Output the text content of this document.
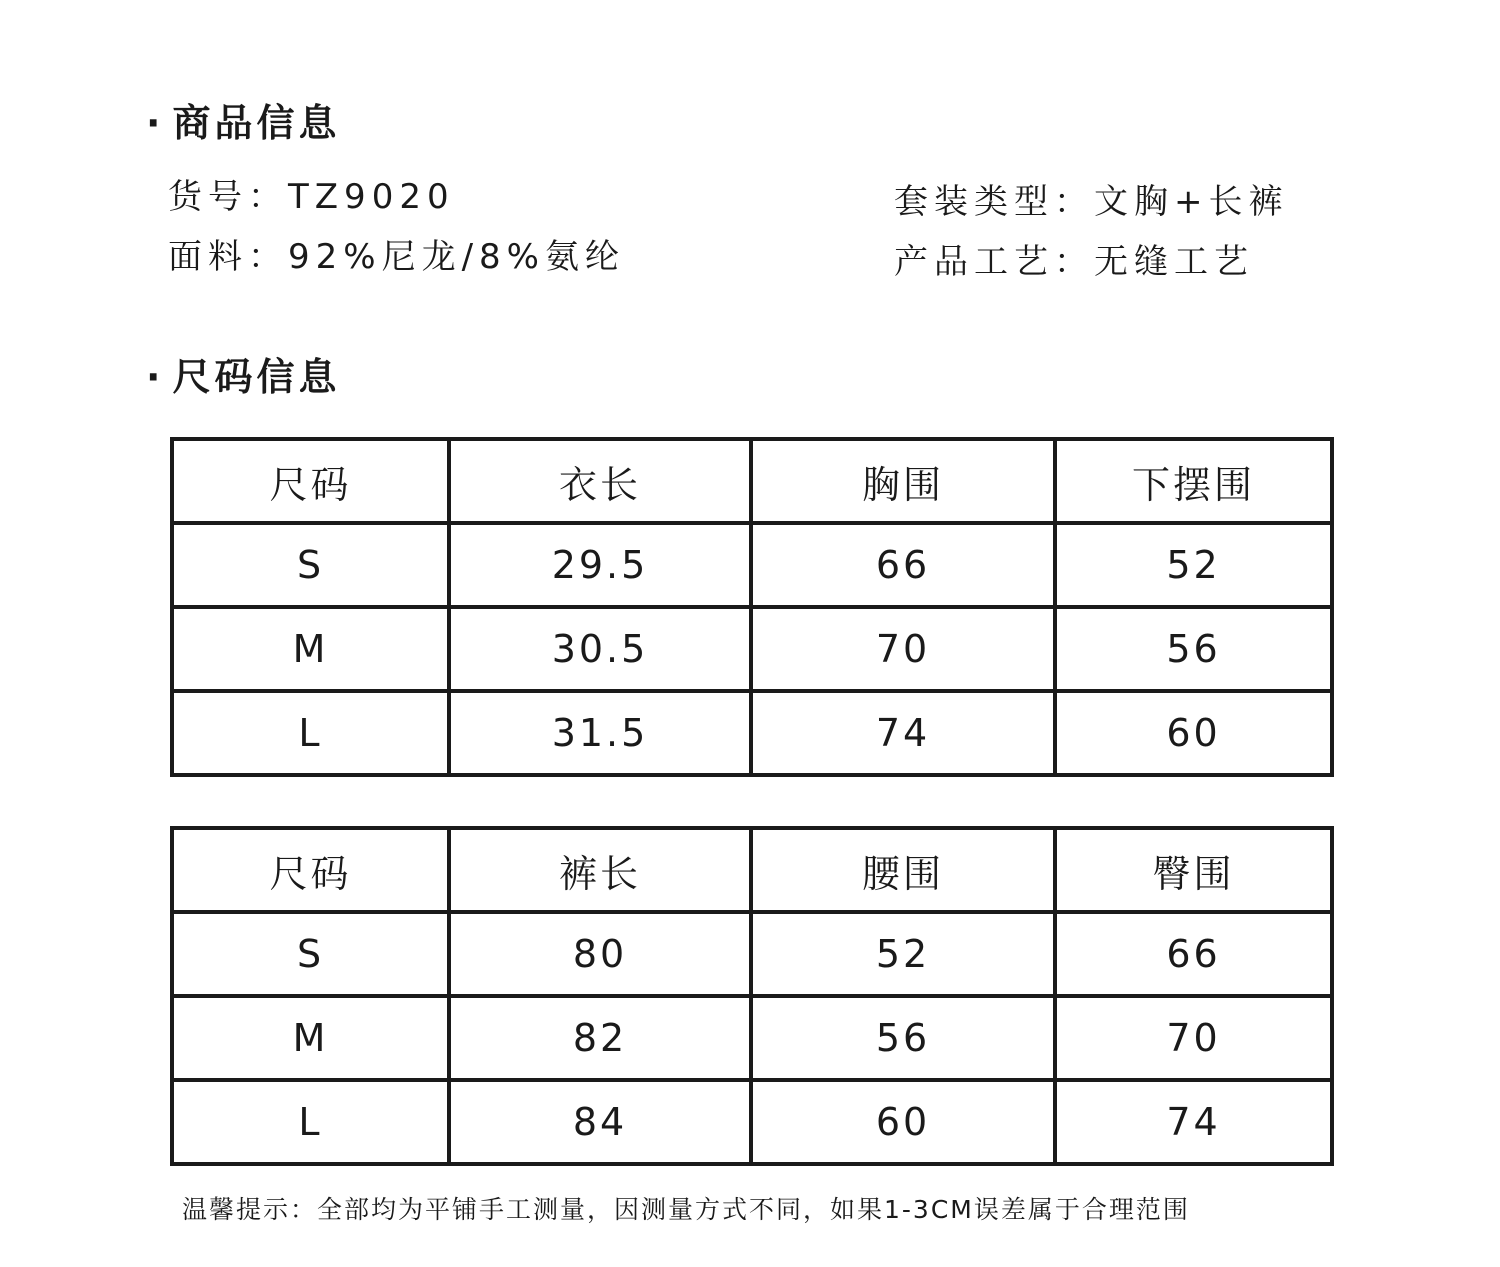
· 商品信息
货号：TZ9020
面料：92%尼龙/8%氨纶
套装类型：文胸+长裤
产品工艺：无缝工艺
· 尺码信息
尺码	衣长	胸围	下摆围
S	29.5	66	52
M	30.5	70	56
L	31.5	74	60
尺码	裤长	腰围	臀围
S	80	52	66
M	82	56	70
L	84	60	74
温馨提示：全部均为平铺手工测量，因测量方式不同，如果1-3CM误差属于合理范围
